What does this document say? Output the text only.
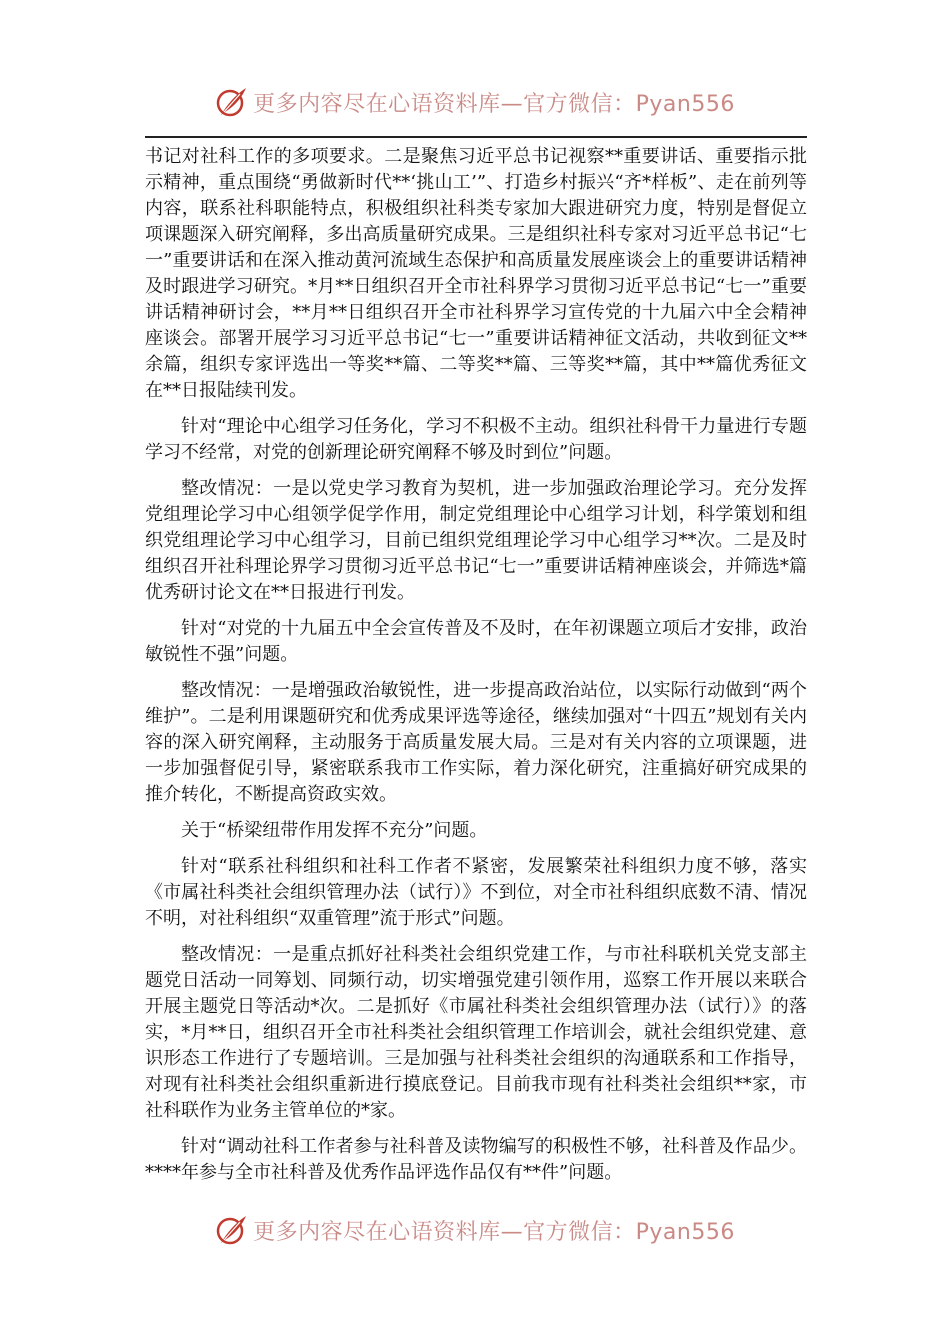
更多内容尽在心语资料库—官方微信：Pyan556

书记对社科工作的多项要求。二是聚焦习近平总书记视察**重要讲话、重要指示批示精神，重点围绕“勇做新时代**‘挑山工’”、打造乡村振兴“齐*样板”、走在前列等内容，联系社科职能特点，积极组织社科类专家加大跟进研究力度，特别是督促立项课题深入研究阐释，多出高质量研究成果。三是组织社科专家对习近平总书记“七一”重要讲话和在深入推动黄河流域生态保护和高质量发展座谈会上的重要讲话精神及时跟进学习研究。*月**日组织召开全市社科界学习贯彻习近平总书记“七一”重要讲话精神研讨会，**月**日组织召开全市社科界学习宣传党的十九届六中全会精神座谈会。部署开展学习习近平总书记“七一”重要讲话精神征文活动，共收到征文**余篇，组织专家评选出一等奖**篇、二等奖**篇、三等奖**篇，其中**篇优秀征文在**日报陆续刊发。

针对“理论中心组学习任务化，学习不积极不主动。组织社科骨干力量进行专题学习不经常，对党的创新理论研究阐释不够及时到位”问题。

整改情况：一是以党史学习教育为契机，进一步加强政治理论学习。充分发挥党组理论学习中心组领学促学作用，制定党组理论中心组学习计划，科学策划和组织党组理论学习中心组学习，目前已组织党组理论学习中心组学习**次。二是及时组织召开社科理论界学习贯彻习近平总书记“七一”重要讲话精神座谈会，并筛选*篇优秀研讨论文在**日报进行刊发。

针对“对党的十九届五中全会宣传普及不及时，在年初课题立项后才安排，政治敏锐性不强”问题。

整改情况：一是增强政治敏锐性，进一步提高政治站位，以实际行动做到“两个维护”。二是利用课题研究和优秀成果评选等途径，继续加强对“十四五”规划有关内容的深入研究阐释，主动服务于高质量发展大局。三是对有关内容的立项课题，进一步加强督促引导，紧密联系我市工作实际，着力深化研究，注重搞好研究成果的推介转化，不断提高资政实效。

关于“桥梁纽带作用发挥不充分”问题。

针对“联系社科组织和社科工作者不紧密，发展繁荣社科组织力度不够，落实《市属社科类社会组织管理办法（试行）》不到位，对全市社科组织底数不清、情况不明，对社科组织“双重管理”流于形式”问题。

整改情况：一是重点抓好社科类社会组织党建工作，与市社科联机关党支部主题党日活动一同筹划、同频行动，切实增强党建引领作用，巡察工作开展以来联合开展主题党日等活动*次。二是抓好《市属社科类社会组织管理办法（试行）》的落实，*月**日，组织召开全市社科类社会组织管理工作培训会，就社会组织党建、意识形态工作进行了专题培训。三是加强与社科类社会组织的沟通联系和工作指导，对现有社科类社会组织重新进行摸底登记。目前我市现有社科类社会组织**家，市社科联作为业务主管单位的*家。

针对“调动社科工作者参与社科普及读物编写的积极性不够，社科普及作品少。****年参与全市社科普及优秀作品评选作品仅有**件”问题。

更多内容尽在心语资料库—官方微信：Pyan556
